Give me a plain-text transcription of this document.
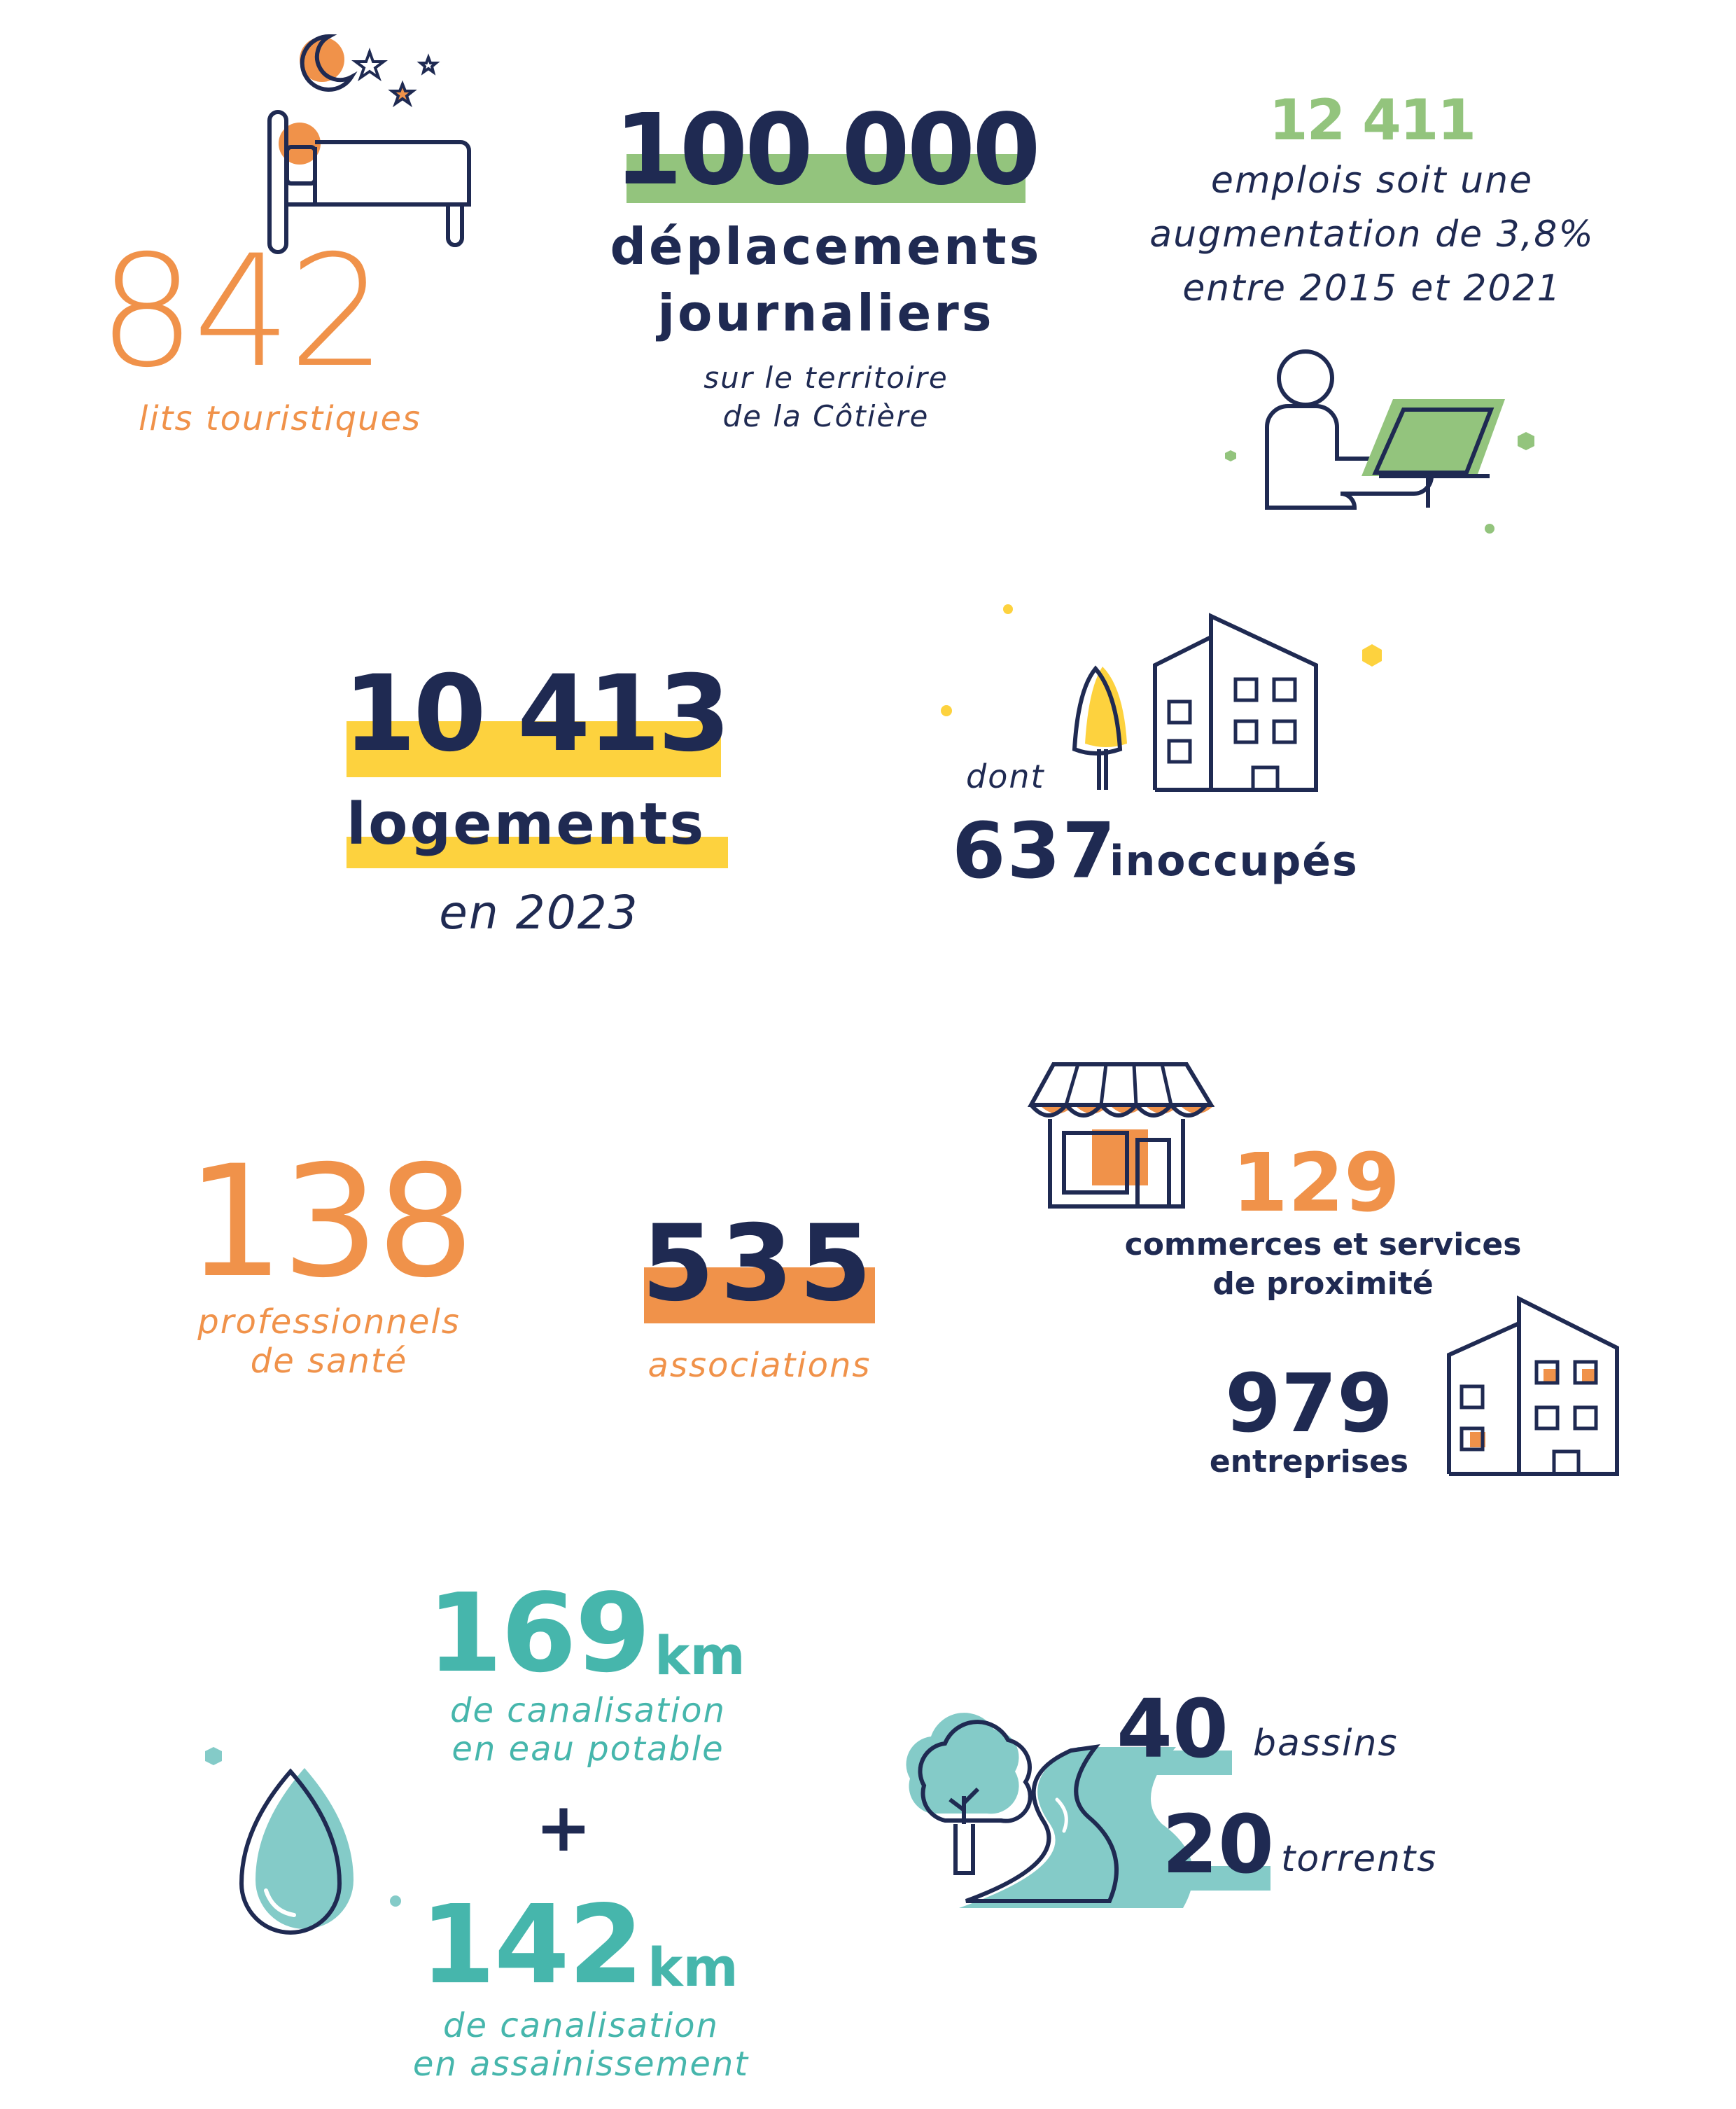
842
lits touristiques
100 000
déplacements
journaliers
sur le territoire
de la Côtière
12 411
emplois soit une
augmentation de 3,8%
entre 2015 et 2021
10 413
logements
en 2023
dont
637
inoccupés
138
professionnels
de santé
535
associations
129
commerces et services
de proximité
979
entreprises
169 km
de canalisation
en eau potable
+
142 km
de canalisation
en assainissement
40 bassins
20 torrents
